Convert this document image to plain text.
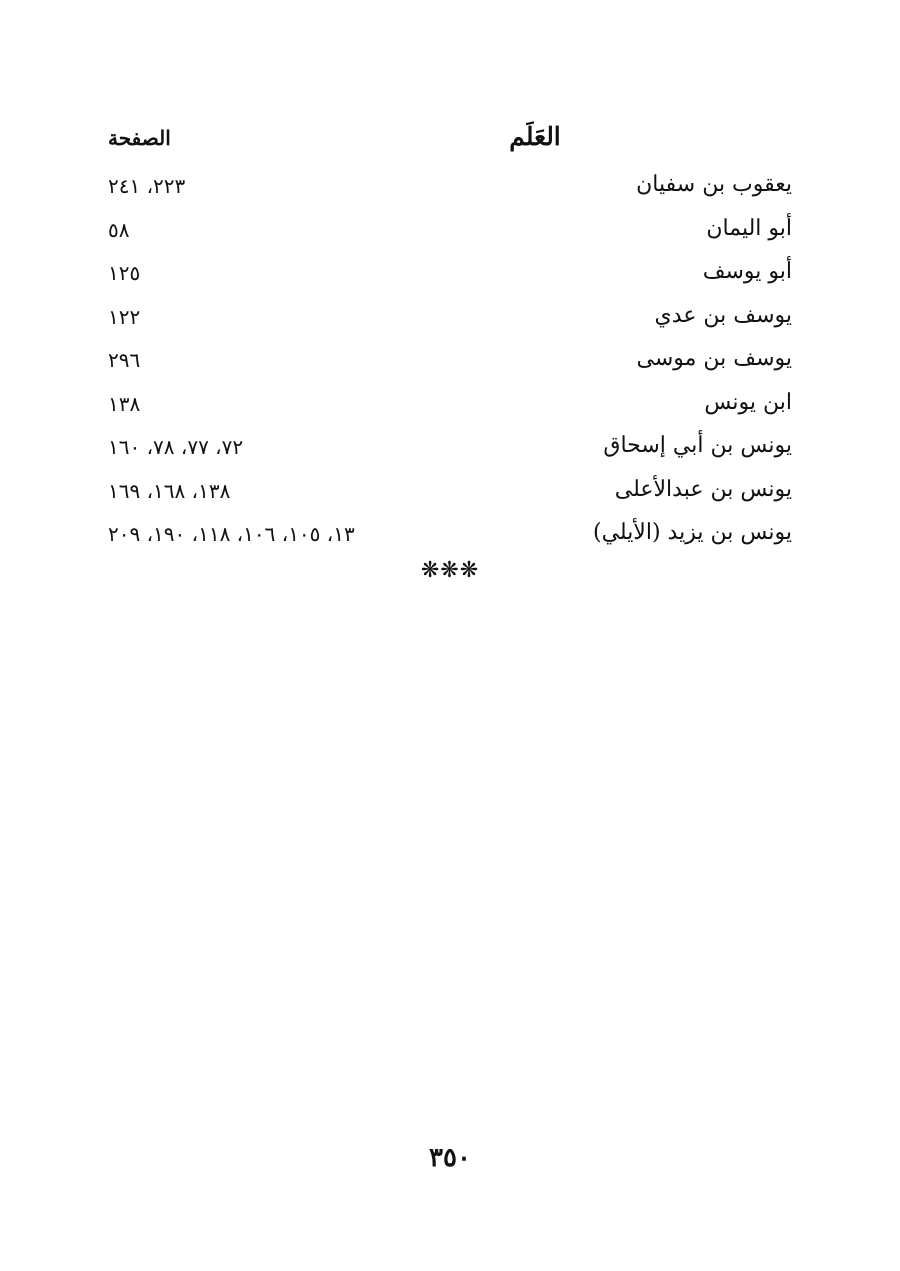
العَلَم
الصفحة
يعقوب بن سفيان
٢٢٣، ٢٤١
أبو اليمان
٥٨
أبو يوسف
١٢٥
يوسف بن عدي
١٢٢
يوسف بن موسى
٢٩٦
ابن يونس
١٣٨
يونس بن أبي إسحاق
٧٢، ٧٧، ٧٨، ١٦٠
يونس بن عبدالأعلى
١٣٨، ١٦٨، ١٦٩
يونس بن يزيد (الأيلي)
١٣، ١٠٥، ١٠٦، ١١٨، ١٩٠، ٢٠٩
❋❋❋
٣٥٠
